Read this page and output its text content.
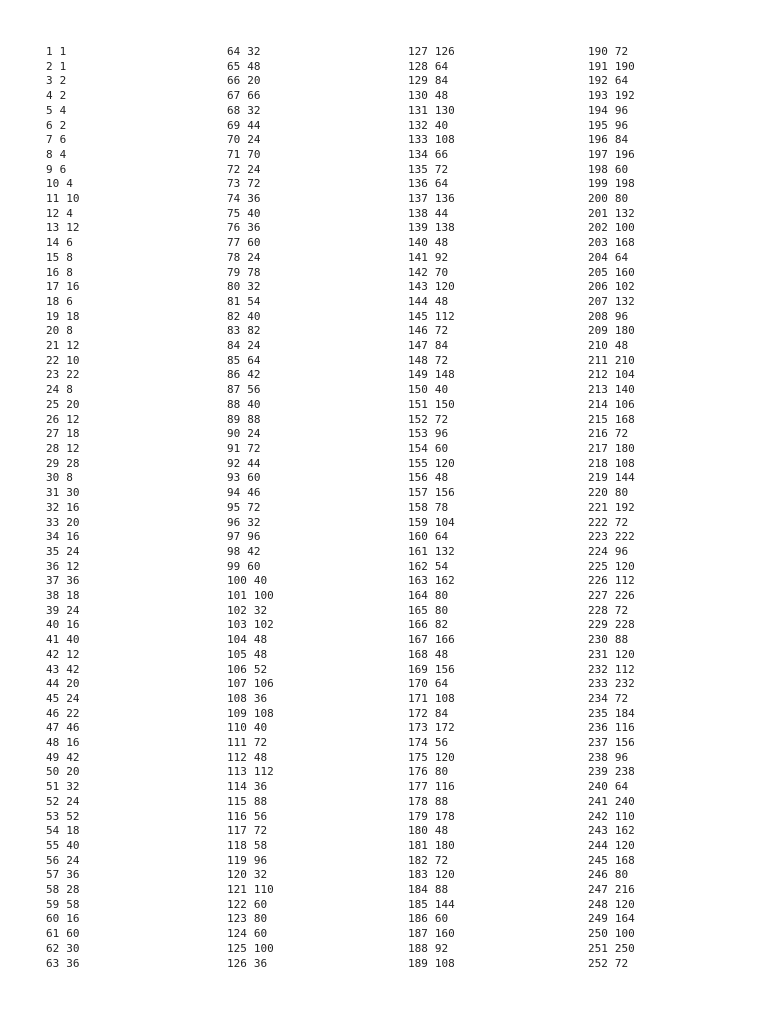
1 1
2 1
3 2
4 2
5 4
6 2
7 6
8 4
9 6
10 4
11 10
12 4
13 12
14 6
15 8
16 8
17 16
18 6
19 18
20 8
21 12
22 10
23 22
24 8
25 20
26 12
27 18
28 12
29 28
30 8
31 30
32 16
33 20
34 16
35 24
36 12
37 36
38 18
39 24
40 16
41 40
42 12
43 42
44 20
45 24
46 22
47 46
48 16
49 42
50 20
51 32
52 24
53 52
54 18
55 40
56 24
57 36
58 28
59 58
60 16
61 60
62 30
63 36
64 32
65 48
66 20
67 66
68 32
69 44
70 24
71 70
72 24
73 72
74 36
75 40
76 36
77 60
78 24
79 78
80 32
81 54
82 40
83 82
84 24
85 64
86 42
87 56
88 40
89 88
90 24
91 72
92 44
93 60
94 46
95 72
96 32
97 96
98 42
99 60
100 40
101 100
102 32
103 102
104 48
105 48
106 52
107 106
108 36
109 108
110 40
111 72
112 48
113 112
114 36
115 88
116 56
117 72
118 58
119 96
120 32
121 110
122 60
123 80
124 60
125 100
126 36
127 126
128 64
129 84
130 48
131 130
132 40
133 108
134 66
135 72
136 64
137 136
138 44
139 138
140 48
141 92
142 70
143 120
144 48
145 112
146 72
147 84
148 72
149 148
150 40
151 150
152 72
153 96
154 60
155 120
156 48
157 156
158 78
159 104
160 64
161 132
162 54
163 162
164 80
165 80
166 82
167 166
168 48
169 156
170 64
171 108
172 84
173 172
174 56
175 120
176 80
177 116
178 88
179 178
180 48
181 180
182 72
183 120
184 88
185 144
186 60
187 160
188 92
189 108
190 72
191 190
192 64
193 192
194 96
195 96
196 84
197 196
198 60
199 198
200 80
201 132
202 100
203 168
204 64
205 160
206 102
207 132
208 96
209 180
210 48
211 210
212 104
213 140
214 106
215 168
216 72
217 180
218 108
219 144
220 80
221 192
222 72
223 222
224 96
225 120
226 112
227 226
228 72
229 228
230 88
231 120
232 112
233 232
234 72
235 184
236 116
237 156
238 96
239 238
240 64
241 240
242 110
243 162
244 120
245 168
246 80
247 216
248 120
249 164
250 100
251 250
252 72
